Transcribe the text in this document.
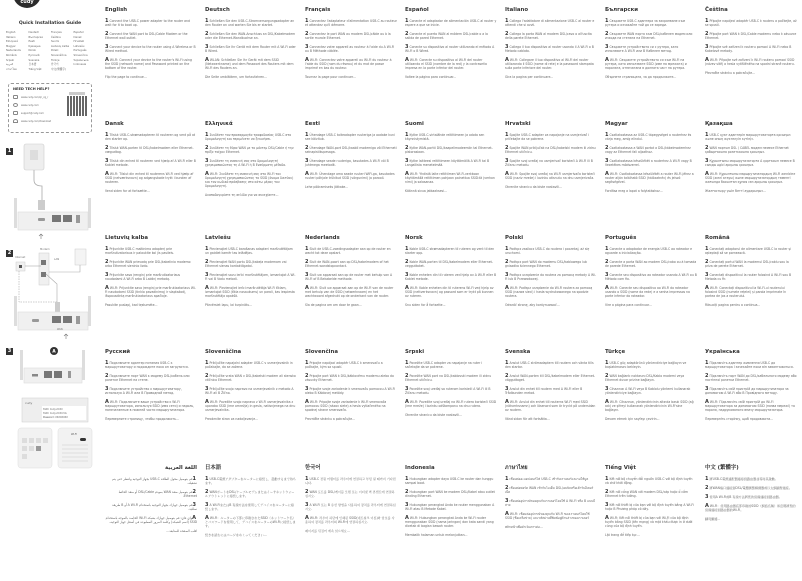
cudy
Quick Installation Guide
English	Deutsch	Français	Español
Italiano	Български	Čeština	Dansk
Ελληνικά	Eesti	Suomi	Hrvatski
Magyar	Қазақша	Lietuvių kalba	Latviešu
Nederlands	Norsk	Polski	Português
Română	Русский	Slovenščina	Slovenčina
Srpski	Svenska	Türkçe	Українська
العربية	日本語	한국어	Indonesia
ภาษาไทย	Tiếng Việt	中文(繁體字)
NEED TECH HELP?
www.cudy.com/qr_cg_r
www.cudy.com
support@cudy.com
www.cudy.com/download
1
2
Modem
Internet
LAN
WAN
3	A
cudy
SSID: Cudy-XXXX
SSID: Cudy-XXXX-5G
Password: XXXXXXXX
Wi-Fi
English

1Connect the USB-C power adapter to the router and wait for it to boot up.

2Connect the WAN port to DSL/Cable Modem or the Ethernet wall outlet.

3Connect your device to the router using A Wireless or B Wired method.

AWi-Fi: Connect your device to the router's Wi-Fi using the SSID (network name) and Password printed on the bottom of the router.

Flip the page to continue...

Deutsch

1Schließen Sie den USB-C-Stromversorgungsadapter an den Router an und warten Sie bis er startet.

2Schließen Sie den WAN-Anschluss an DSL/Kabelmodem oder die Ethernet-Wandbuchse an.

3Schließen Sie Ihr Gerät mit dem Router mit A Wi-Fi oder B Wired.

AWLAN: Schließen Sie Ihr Gerät mit dem SSID (Netzwerkname) und dem Passwort des Routers mit dem Wi-Fi des Routers an.

Die Seite umblättern, um fortzufahren...

Français

1Connectez l'adaptateur d'alimentation USB-C au routeur et attendez qu'il démarre.

2Connectez le port WAN au modem DSL/câble ou à la sortie murale Ethernet.

3Connectez votre appareil au routeur à l'aide du A Wi-Fi ou B Méthode câblée.

AWi-Fi: Connectez votre appareil au Wi-Fi du routeur à l'aide du SSID (nom du réseau) et du mot de passe imprimé en bas du routeur.

Tournez la page pour continuer...

Español

1Conecte el adaptador de alimentación USB-C al router y espere a que se inicie.

2Conecte el puerto WAN al módem DSL/cable o a la salida de pared Ethernet.

3Conecte su dispositivo al router utilizando el método A Wi-Fi o B Wired.

AWi-Fi: Conecte su dispositivo al Wi-Fi del router utilizando el SSID (nombre de la red) y la contraseña impresa en la parte inferior del router.

Voltee la página para continuar...

Italiano

1Collega l'adattatore di alimentazione USB-C al router e attendi che si avvii.

2Collega la porta WAN al modem DSL/cavo o all'uscita della parete Ethernet.

3Collega il tuo dispositivo al router usando il A Wi-Fi o B Metodo cablato.

AWi-Fi: Collegare il tuo dispositivo al Wi-Fi del router utilizzando il SSID (nome di rete) e la password stampata sulla parte inferiore del router.

Gira la pagina per continuare...

Български

1Свържете USB-C адаптера за захранване към рутера и изчакайте той да се зареди.

2Свържете WAN порта към DSL/кабелен модем или изхода на стената на Ethernet.

3Свържете устройството си с рутера, като използвате A Wi-Fi или B Кабелен метод.

AWi-Fi: Свържете устройството си към Wi-Fi на рутера, като използвате SSID (име на мрежата) и паролата, отпечатана в долната част на рутера.

Обърнете страницата, за да продължите...

Čeština

1Připojte napájecí adaptér USB-C k routeru a počkejte, až se spustí.

2Připojte port WAN k DSL/Cable modemu nebo k zásuvce Ethernet.

3Připojte své zařízení k routeru pomocí A Wi-Fi nebo B Kabelové metody.

AWi-Fi: Připojte své zařízení k Wi-Fi routeru pomocí SSID (název sítě) a hesla vytištěného na spodní straně routeru.

Převraťte stránku a pokračujte...

Dansk

1Tilslut USB-C-strømadapteren til routeren og vent på at den starter op.

2Tilslut WAN-porten til DSL/kabelmodem eller Ethernet-vægudtag.

3Tilslut din enhed til routeren ved hjælp af A Wi-Fi eller B Kablet metode.

AWi-Fi: Tilslut din enhed til routerens Wi-Fi ved hjælp af SSID (netværksnavn) og adgangskode trykt i bunden af routeren.

Vend siden for at fortsætte...

Ελληνικά

1Συνδέστε τον προσαρμογέα τροφοδοσίας USB-C στο δρομολογητή και περιμένετε να ξεκινήσει.

2Συνδέστε τη θύρα WAN με το μόντεμ DSL/Cable ή την πρίζα τοίχου Ethernet.

3Συνδέστε τη συσκευή σας στο δρομολογητή χρησιμοποιώντας τη A Wi-Fi ή B Ενσύρματη μέθοδο.

AWi-Fi: Συνδέστε τη συσκευή σας στο Wi-Fi του δρομολογητή χρησιμοποιώντας το SSID (όνομα δικτύου) και τον κωδικό πρόσβασης στο κάτω μέρος του δρομολογητή.

Αναποδογυρίστε τη σελίδα για να συνεχίσετε...

Eesti

1Ühendage USB-C toiteadapter ruuteriga ja oodake kuni see käivitub.

2Ühendage WAN-port DSL/kaabli modemiga või Etherneti seinapistikupesaga.

3Ühendage seade ruuteriga, kasutades A Wi-Fi või B Juhtmega meetodit.

AWi-Fi: Ühendage oma seade ruuteri WiFi-ga, kasutades ruuteri põhjale trükitud SSID (võrgunimi) ja parooli.

Lehe pööramiseks jätkake...

Suomi

1Kytke USB-C-virtalähde reitittimeen ja odota sen käynnistymistä.

2Kytke WAN-portti DSL/kaapelimodeemiin tai Ethernet-pistorasiaan.

3Kytke laitteesi reitittimeen käyttämällä A Wi-Fi tai B Langallista menetelmää.

AWi-Fi: Yhdistä laite reitittimen Wi-Fi-verkkoon käyttämällä reitittimen pohjaan painettua SSID:tä (verkon nimi) ja salasanaa.

Käännä sivua jatkaaksesi...

Hrvatski

1Spojite USB-C adapter za napajanje na usmjerivač i pričekajte da se pokrene.

2Spojite WAN priključak na DSL/kabelski modem ili zidnu Ethernet utičnicu.

3Spojite svoj uređaj na usmjerivač koristeći A Wi-Fi ili B Žičanu metodu.

AWi-Fi: Spojite svoj uređaj na Wi-Fi usmjerivača koristeći SSID (naziv mreže) i lozinku otisnutu na dnu usmjerivača.

Okrenite stranicu da biste nastavili...

Magyar

1Csatlakoztassa az USB-C tápegységet a routerhez és várja meg, amíg elindul.

2Csatlakoztassa a WAN portot a DSL/kábelmodemhez vagy az Ethernet fali aljzathoz.

3Csatlakoztassa készülékét a routerhez A Wi-Fi vagy B Vezetékes módszerrel.

AWi-Fi: Csatlakoztassa készülékét a router Wi-Fi-jéhez a router alján található SSID (hálózatnév) és jelszó segítségével.

Fordítsa meg a lapot a folytatáshoz...

Қазақша

1USB-C қуат адаптерін маршрутизаторға қосыңыз және оның жүктелуін күтіңіз.

2WAN портын DSL / CABEL модем немесе Ethernet қабырғасына розеткасына қосыңыз.

3Құрылғыны маршрутизаторға A қорғасын немесе B сымды әдісі арқылы қосыңыз.

AWi-Fi: Құрылғыны маршрутизатордың Wi-Fi желісіне SSID (желі атауы) және маршрутизатордың төменгі жағында басылған құпия сөз арқылы қосыңыз.

Жалғастыру үшін бетті аударыңыз...

Lietuvių kalba

1Prijunkite USB-C maitinimo adapterį prie maršrutizatoriaus ir palaukite kol jis pasileis.

2Prijunkite WAN prievadą prie DSL/kabelinio modemo arba Ethernet sieninio lizdo.

3Prijunkite savo įrenginį prie maršrutizatoriaus naudodami A Wi-Fi arba B Laidinį metodą.

AWi-Fi: Prijunkite savo įrenginį prie maršrutizatoriaus Wi-Fi naudodami SSID (tinklo pavadinimą) ir slaptažodį, išspausdintą maršrutizatoriaus apačioje.

Pasukite puslapį, kad tęstumėte...

Latviešu

1Pievienojiet USB-C barošanas adapteri maršrutētājam un gaidiet kamēr tas ielādējas.

2Pievienojiet WAN portu DSL/kabeļa modemam vai Ethernet sienas kontaktligzdai.

3Pievienojiet savu ierīci maršrutētājam, izmantojot A Wi-Fi vai B Vadu metodi.

AWi-Fi: Pievienojiet ierīci maršrutētāja Wi-Fi tīklam, izmantojot SSID (tīkla nosaukums) un paroli, kas iespiesta maršrutētāja apakšā.

Pārvērsiet lapu, lai turpinātu...

Nederlands

1Sluit de USB-C-voedingsadapter aan op de router en wacht tot deze opstart.

2Sluit de WAN-poort aan op DSL/kabelmodem of het Ethernet-wandstopcontact.

3Sluit uw apparaat aan op de router met behulp van A Wi-Fi of B Bekabelde methode.

AWi-Fi: Sluit uw apparaat aan op de Wi-Fi van de router met behulp van de SSID (netwerknaam) en het wachtwoord afgedrukt op de onderkant van de router.

Sla de pagina om om door te gaan...

Norsk

1Koble USB-C strømadapteren til ruteren og vent til den starter opp.

2Koble WAN-porten til DSL/kabelmodem eller Ethernet-vegguttaket.

3Koble enheten din til ruteren ved hjelp av A Wi-Fi eller B Kablet metode.

AWi-Fi: Koble enheten din til ruterens Wi-Fi ved hjelp av SSID (nettverksnavn) og passord som er trykt på bunnen av ruteren.

Snu siden for å fortsette...

Polski

1Podłącz zasilacz USB-C do routera i poczekaj, aż się uruchomi.

2Podłącz port WAN do modemu DSL/kablowego lub gniazdka ściennego Ethernet.

3Podłącz urządzenie do routera za pomocą metody A Wi-Fi lub B Przewodowej.

AWi-Fi: Podłącz urządzenie do Wi-Fi routera za pomocą SSID (nazwa sieci) i hasła wydrukowanego na spodzie routera.

Odwróć stronę, aby kontynuować...

Português

1Conecte o adaptador de energia USB-C ao roteador e aguarde a inicialização.

2Conecte a porta WAN ao modem DSL/cabo ou à tomada de parede Ethernet.

3Conecte seu dispositivo ao roteador usando A Wi-Fi ou B Método com fio.

AWi-Fi: Conecte seu dispositivo ao Wi-Fi do roteador usando o SSID (nome da rede) e a senha impressos na parte inferior do roteador.

Vire a página para continuar...

Română

1Conectați adaptorul de alimentare USB-C la router și așteptați să se pornească.

2Conectați portul WAN la modemul DSL/cablu sau la priza de perete Ethernet.

3Conectați dispozitivul la router folosind A Wi-Fi sau B Metoda cu fir.

AWi-Fi: Conectați dispozitivul la Wi-Fi-ul routerului folosind SSID (numele rețelei) și parola imprimate în partea de jos a routerului.

Răsuciți pagina pentru a continua...

Русский

1Подключите адаптер питания USB-C к маршрутизатору и подождите пока он загрузится.

2Подключите порт WAN к модему DSL/кабель или розетке Ethernet на стене.

3Подключите устройство к маршрутизатору, используя A Wi-Fi или B Проводной метод.

AWi-Fi: Подключите ваше устройство к Wi-Fi маршрутизатора, используя SSID (имя сети) и пароль, напечатанные в нижней части маршрутизатора.

Переверните страницу, чтобы продолжить...

Slovenščina

1Priključite napajalni adapter USB-C v usmerjevalnik in počakajte, da se zažene.

2Priključite vrata WAN v DSL/kabelski modem ali stensko vtičnico Ethernet.

3Priključite svojo napravo na usmerjevalnik z metodo A Wi-Fi ali B Žično.

AWi-Fi: Povežite svojo napravo z Wi-Fi usmerjevalnika z uporabo SSID (ime omrežja) in gesla, natisnjenega na dnu usmerjevalnika.

Preobrnite stran za nadaljevanje...

Slovenčina

1Pripojte napájací adaptér USB-C k smerovaču a počkajte, kým sa spustí.

2Pripojte port WAN k DSL/káblovému modemu alebo do zásuvky Ethernet.

3Pripojte svoje zariadenie k smerovaču pomocou A Wi-Fi alebo B Káblovej metódy.

AWi-Fi: Pripojte svoje zariadenie k Wi-Fi smerovača pomocou SSID (názov siete) a hesla vytlačeného na spodnej strane smerovača.

Prevráťte stránku a pokračujte...

Srpski

1Povežite USB-C adapter za napajanje na ruter i sačekajte da se pokrene.

2Povežite WAN port na DSL/kablovski modem ili zidnu Ethernet utičnicu.

3Povežite svoj uređaj sa ruterom koristeći A Wi-Fi ili B Žičanu metodu.

AWi-Fi: Povežite svoj uređaj na Wi-Fi rutera koristeći SSID (ime mreže) i lozinku odštampanu na dnu rutera.

Okrenite stranicu da biste nastavili...

Svenska

1Anslut USB-C strömadaptern till routern och vänta tills den startar.

2Anslut WAN-porten till DSL/kabelmodem eller Ethernet-vägguttaget.

3Anslut din enhet till routern med A Wi-Fi eller B Trådbunden metod.

AWi-Fi: Anslut din enhet till routerns Wi-Fi med SSID (nätverksnamn) och lösenord som är tryckt på undersidan av routern.

Vänd sidan för att fortsätta...

Türkçe

1USB-C güç adaptörünü yönlendiriciye bağlayın ve başlatılmasını bekleyin.

2WAN bağlantı noktasını DSL/Kablo modemi veya Ethernet duvar prizine bağlayın.

3Cihazınızı A Wi-Fi veya B Kablolu yöntemi kullanarak yönlendiriciye bağlayın.

AWi-Fi: Cihazınızı, yönlendiricinin altında basılı SSID (ağ adı) ve şifreyi kullanarak yönlendiricinin Wi-Fi'sine bağlayın.

Devam etmek için sayfayı çevirin...

Українська

1Підключіть адаптер живлення USB-C до маршрутизатора і зачекайте поки він завантажиться.

2Підключіть порт WAN до DSL/кабельного модему або настінної розетки Ethernet.

3Підключіть свій пристрій до маршрутизатора за допомогою A Wi-Fi або B Провідного методу.

AWi-Fi: Підключіть свій пристрій до Wi-Fi маршрутизатора за допомогою SSID (назва мережі) та пароля, надрукованого внизу маршрутизатора.

Переверніть сторінку, щоб продовжити...

اللغة العربية

1قم بتوصيل محول الطاقة USB-C بجهاز التوجيه وانتظر حتى يتم تشغيله.

2قم بتوصيل منفذ WAN بمودم DSL/Cable أو منفذ الحائط Ethernet.

3قم بتوصيل جهازك بجهاز التوجيه باستخدام A Wi-Fi أو B طريقة سلكية.

Aواي فاي: قم بتوصيل جهازك بشبكة Wi-Fi الخاصة بالموجه باستخدام SSID (اسم الشبكة) وكلمة المرور المطبوعة في أسفل جهاز التوجيه.

اقلب الصفحة للمتابعة...

日本語

1USB-C電源アダプターをルーターに接続し、起動するまで待ちます。

2WANポートをDSL/ケーブルモデムまたはイーサネットウォールアウトレットに接続します。

3A Wi-FiまたはB 有線方法を使用してデバイスをルーターに接続します。

AWi-Fi：ルーターの下部に印刷されたSSID（ネットワーク名）とパスワードを使用して、デバイスをルーターのWi-Fiに接続します。

続きを読むにはページをめくってください...

한국어

1USB-C 전원 어댑터를 라우터에 연결하고 부팅 될 때까지 기다립니다.

2WAN 포트를 DSL/케이블 모뎀 또는 이더넷 벽 콘센트에 연결하십시오.

3A Wi-Fi 또는 B 유선 방법을 사용하여 장치를 라우터에 연결하십시오.

AWi-Fi: 라우터 하단에 인쇄된 SSID(네트워크 이름)와 암호를 사용하여 장치를 라우터의 Wi-Fi에 연결하십시오.

페이지를 뒤집어 계속 읽으세요...

Indonesia

1Hubungkan adapter daya USB-C ke router dan tunggu sampai boot.

2Hubungkan port WAN ke modem DSL/Kabel atau outlet dinding Ethernet.

3Hubungkan perangkat Anda ke router menggunakan A Wi-Fi atau B Metode Kabel.

AWi-Fi: Hubungkan perangkat Anda ke Wi-Fi router menggunakan SSID (nama jaringan) dan kata sandi yang dicetak di bagian bawah router.

Membalik halaman untuk melanjutkan...

ภาษาไทย

1เชื่อมต่ออะแดปเตอร์ไฟ USB-C เข้ากับเราเตอร์และรอให้บูต

2เชื่อมต่อพอร์ต WAN เข้ากับโมเด็ม DSL/เคเบิลหรือเต้ารับอีเธอร์เน็ต

3เชื่อมต่ออุปกรณ์ของคุณกับเราเตอร์โดยใช้ A Wi-Fi หรือ B แบบมีสาย

AWi-Fi: เชื่อมต่ออุปกรณ์ของคุณกับ Wi-Fi ของเราเตอร์โดยใช้ SSID (ชื่อเครือข่าย) และรหัสผ่านที่พิมพ์อยู่ด้านล่างของเราเตอร์

พลิกหน้าเพื่อดำเนินการต่อ...

Tiếng Việt

1Kết nối bộ chuyển đổi nguồn USB-C với bộ định tuyến và chờ khởi động.

2Kết nối cổng WAN với modem DSL/cáp hoặc ổ cắm Ethernet trên tường.

3Kết nối thiết bị của bạn với bộ định tuyến bằng A Wi-Fi hoặc B Phương pháp có dây.

AWi-Fi: Kết nối thiết bị của bạn với Wi-Fi của bộ định tuyến bằng SSID (tên mạng) và mật khẩu được in ở dưới cùng của bộ định tuyến.

Lật trang để tiếp tục...

中文 (繁體字)

1將USB-C電源適配器連接到路由器並等待其啟動。

2將WAN端口連接到DSL/電纜調製解調器或以太網牆壁插座。

3使用A Wi-Fi或B 有線方法將您的設備連接到路由器。

AWi-Fi：使用路由器底部印刷的SSID（網絡名稱）和密碼將您的設備連接到路由器的Wi-Fi。

翻頁繼續...
